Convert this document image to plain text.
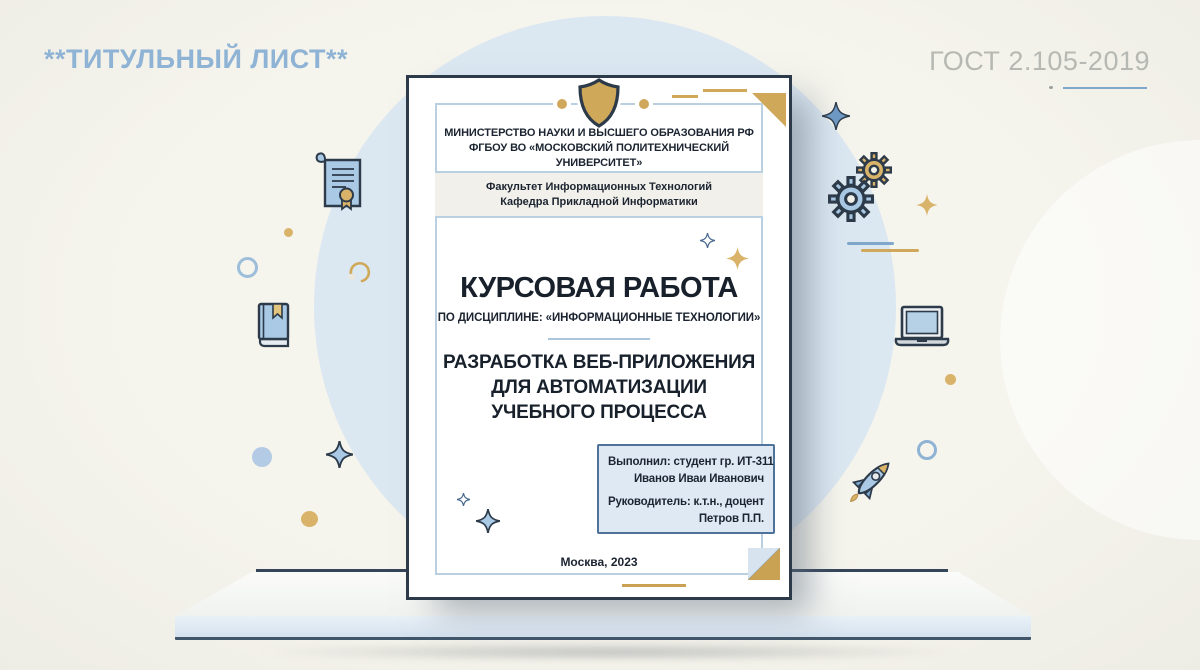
**ТИТУЛЬНЫЙ ЛИСТ**	ГОСТ 2.105-2019
МИНИСТЕРСТВО НАУКИ И ВЫСШЕГО ОБРАЗОВАНИЯ РФ
ФГБОУ ВО «МОСКОВСКИЙ ПОЛИТЕХНИЧЕСКИЙ УНИВЕРСИТЕТ»
Факультет Информационных Технологий
Кафедра Прикладной Информатики
КУРСОВАЯ РАБОТА
ПО ДИСЦИПЛИНЕ: «ИНФОРМАЦИОННЫЕ ТЕХНОЛОГИИ»
РАЗРАБОТКА ВЕБ-ПРИЛОЖЕНИЯ
ДЛЯ АВТОМАТИЗАЦИИ
УЧЕБНОГО ПРОЦЕССА
Выполнил: студент гр. ИТ-311
Иванов Иваи Иванович
Руководитель: к.т.н., доцент
Петров П.П.
Москва, 2023
